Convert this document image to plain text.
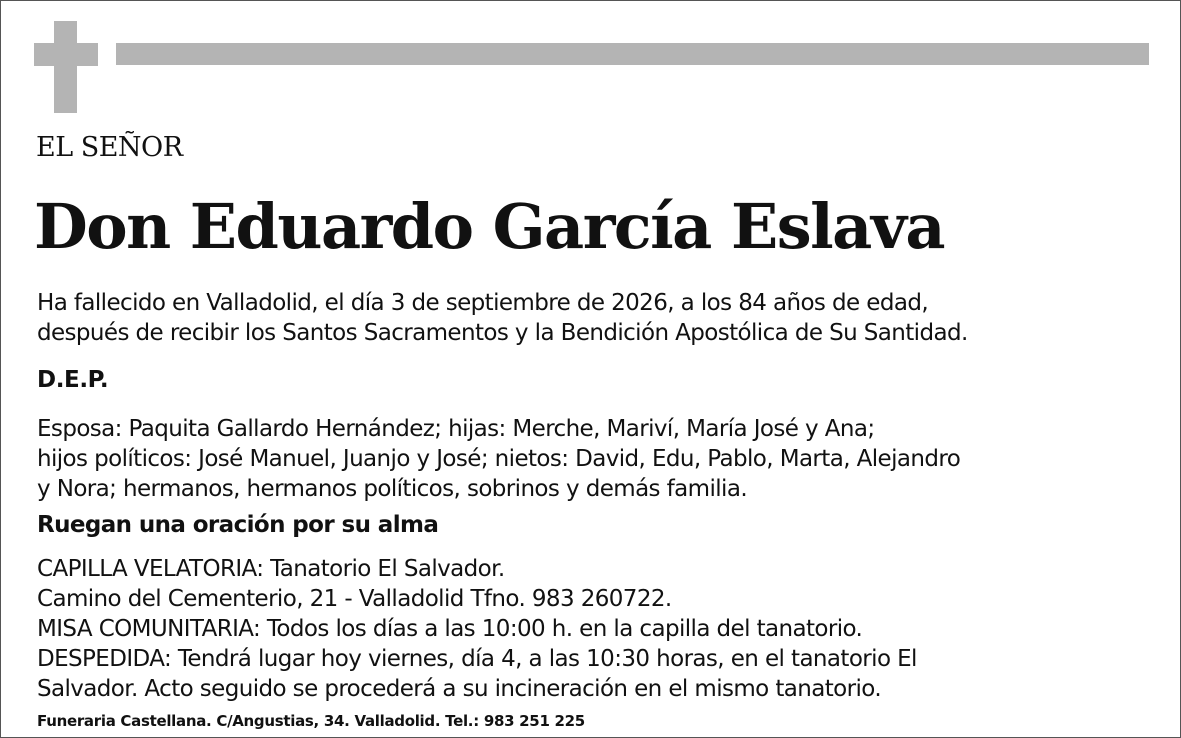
EL SEÑOR
Don Eduardo García Eslava
Ha fallecido en Valladolid, el día 3 de septiembre de 2026, a los 84 años de edad,
después de recibir los Santos Sacramentos y la Bendición Apostólica de Su Santidad.
D.E.P.
Esposa: Paquita Gallardo Hernández; hijas: Merche, Mariví, María José y Ana;
hijos políticos: José Manuel, Juanjo y José; nietos: David, Edu, Pablo, Marta, Alejandro
y Nora; hermanos, hermanos políticos, sobrinos y demás familia.
Ruegan una oración por su alma
CAPILLA VELATORIA: Tanatorio El Salvador.
Camino del Cementerio, 21 - Valladolid Tfno. 983 260722.
MISA COMUNITARIA: Todos los días a las 10:00 h. en la capilla del tanatorio.
DESPEDIDA: Tendrá lugar hoy viernes, día 4, a las 10:30 horas, en el tanatorio El
Salvador. Acto seguido se procederá a su incineración en el mismo tanatorio.
Funeraria Castellana. C/Angustias, 34. Valladolid. Tel.: 983 251 225
